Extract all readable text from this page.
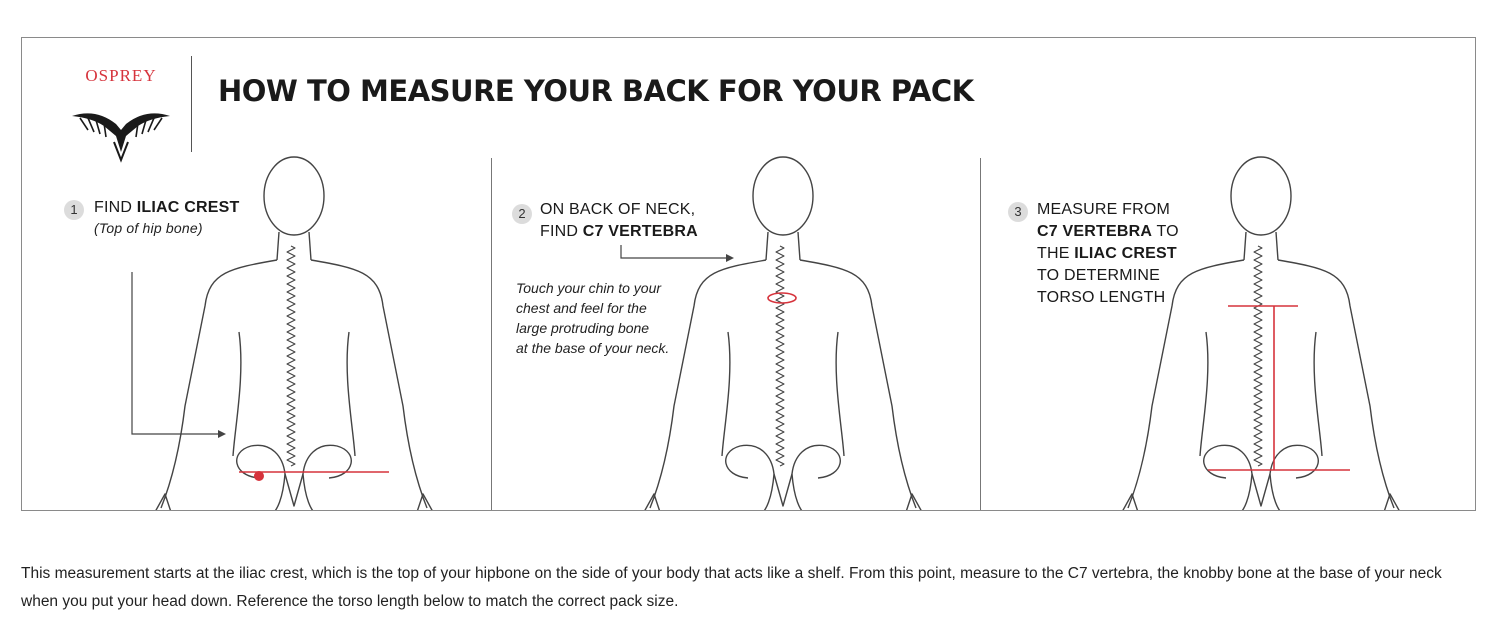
OSPREY	HOW TO MEASURE YOUR BACK FOR YOUR PACK
1	FIND ILIAC CREST
(Top of hip bone)
2 ON BACK OF NECK,
FIND C7 VERTEBRA
Touch your chin to your
chest and feel for the
large protruding bone
at the base of your neck.
3 MEASURE FROM
C7 VERTEBRA TO
THE ILIAC CREST
TO DETERMINE
TORSO LENGTH

This measurement starts at the iliac crest, which is the top of your hipbone on the side of your body that acts like a shelf. From this point, measure to the C7 vertebra, the knobby bone at the base of your neck when you put your head down. Reference the torso length below to match the correct pack size.
